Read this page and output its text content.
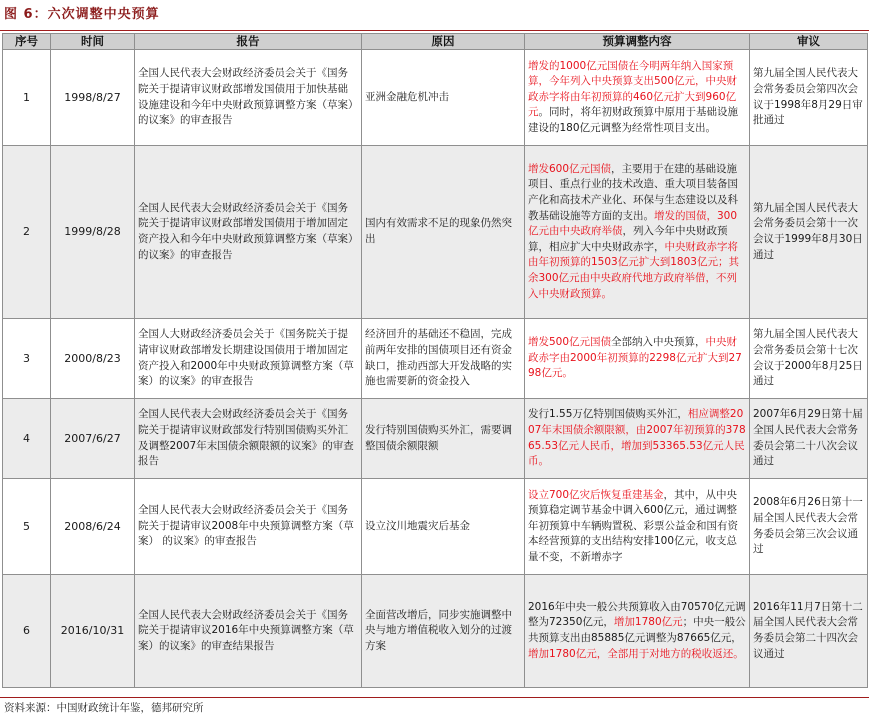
图 6：六次调整中央预算
序号	时间	报告	原因	预算调整内容	审议
1	1998/8/27	全国人民代表大会财政经济委员会关于《国务院关于提请审议财政部增发国债用于加快基础设施建设和今年中央财政预算调整方案（草案）的议案》的审查报告	亚洲金融危机冲击	增发的1000亿元国债在今明两年纳入国家预算，今年列入中央预算支出500亿元，中央财政赤字将由年初预算的460亿元扩大到960亿元。同时，将年初财政预算中原用于基础设施建设的180亿元调整为经常性项目支出。	第九届全国人民代表大会常务委员会第四次会议于1998年8月29日审批通过
2	1999/8/28	全国人民代表大会财政经济委员会关于《国务院关于提请审议财政部增发国债用于增加固定资产投入和今年中央财政预算调整方案（草案）的议案》的审查报告	国内有效需求不足的现象仍然突出	增发600亿元国债，主要用于在建的基础设施项目、重点行业的技术改造、重大项目装备国产化和高技术产业化、环保与生态建设以及科教基础设施等方面的支出。增发的国债，300亿元由中央政府举债，列入今年中央财政预算，相应扩大中央财政赤字，中央财政赤字将由年初预算的1503亿元扩大到1803亿元；其余300亿元由中央政府代地方政府举借，不列入中央财政预算。	第九届全国人民代表大会常务委员会第十一次会议于1999年8月30日通过
3	2000/8/23	全国人大财政经济委员会关于《国务院关于提请审议财政部增发长期建设国债用于增加固定资产投入和2000年中央财政预算调整方案（草案）的议案》的审查报告	经济回升的基础还不稳固，完成前两年安排的国债项目还有资金缺口，推动西部大开发战略的实施也需要新的资金投入	增发500亿元国债全部纳入中央预算，中央财政赤字由2000年初预算的2298亿元扩大到2798亿元。	第九届全国人民代表大会常务委员会第十七次会议于2000年8月25日通过
4	2007/6/27	全国人民代表大会财政经济委员会关于《国务院关于提请审议财政部发行特别国债购买外汇及调整2007年末国债余额限额的议案》的审查报告	发行特别国债购买外汇，需要调整国债余额限额	发行1.55万亿特别国债购买外汇，相应调整2007年末国债余额限额，由2007年初预算的37865.53亿元人民币，增加到53365.53亿元人民币。	2007年6月29日第十届全国人民代表大会常务委员会第二十八次会议通过
5	2008/6/24	全国人民代表大会财政经济委员会关于《国务院关于提请审议2008年中央预算调整方案（草案） 的议案》的审查报告	设立汶川地震灾后基金	设立700亿灾后恢复重建基金，其中，从中央预算稳定调节基金中调入600亿元，通过调整年初预算中车辆购置税、彩票公益金和国有资本经营预算的支出结构安排100亿元，收支总量不变，不新增赤字	2008年6月26日第十一届全国人民代表大会常务委员会第三次会议通过
6	2016/10/31	全国人民代表大会财政经济委员会关于《国务院关于提请审议2016年中央预算调整方案（草案）的议案》的审查结果报告	全面营改增后，同步实施调整中央与地方增值税收入划分的过渡方案	2016年中央一般公共预算收入由70570亿元调整为72350亿元，增加1780亿元；中央一般公共预算支出由85885亿元调整为87665亿元，增加1780亿元，全部用于对地方的税收返还。	2016年11月7日第十二届全国人民代表大会常务委员会第二十四次会议通过
资料来源：中国财政统计年鉴，德邦研究所
